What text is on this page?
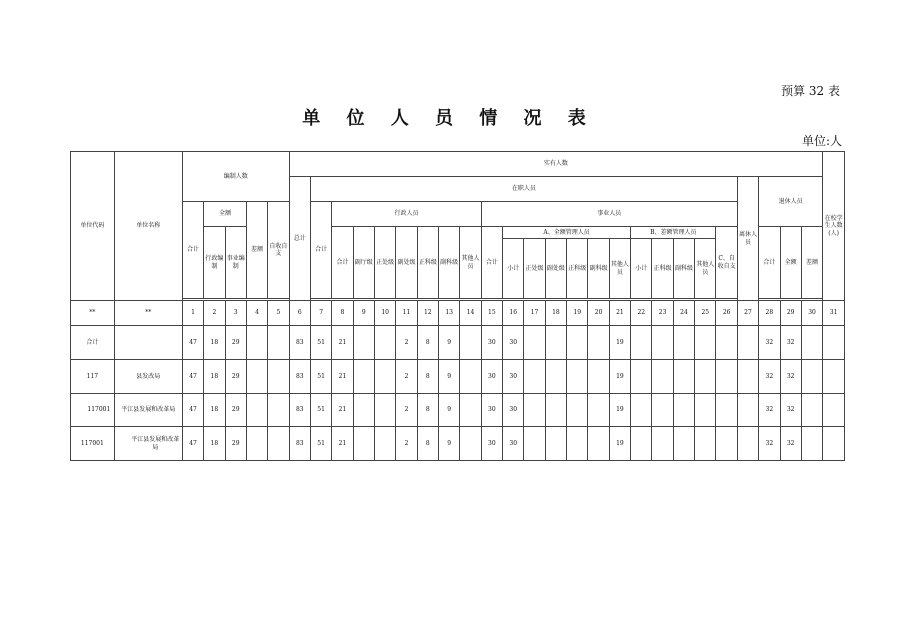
预算 32 表
单 位 人 员 情 况 表
单位:人
单位代码	单位名称	编制人数					实有人数																									在校学生人数(人)
							总计	在职人员																				离休人员	退休人员			
		合计	全额		差额	自收自支		合计	行政人员							事业人员																
			行政编制	事业编制					合计	副厅级	正处级	副处级	正科级	副科级	其他人员	合计	A、全额管理人员						B、差额管理人员				C、自收自支		合计	全额	差额	
																	小计	正处级	副处级	正科级	副科级	其他人员	小计	正科级	副科级	其他人员						

**	**	1	2	3	4	5	6	7	8	9	10	11	12	13	14	15	16	17	18	19	20	21	22	23	24	25	26	27	28	29	30	31
合计		47	18	29			83	51	21			2	8	9		30	30					19							32	32		
117	县发改局	47	18	29			83	51	21			2	8	9		30	30					19							32	32		
117001	平江县发展和改革局	47	18	29			83	51	21			2	8	9		30	30					19							32	32		
117001	平江县发展和改革局	47	18	29			83	51	21			2	8	9		30	30					19							32	32		
